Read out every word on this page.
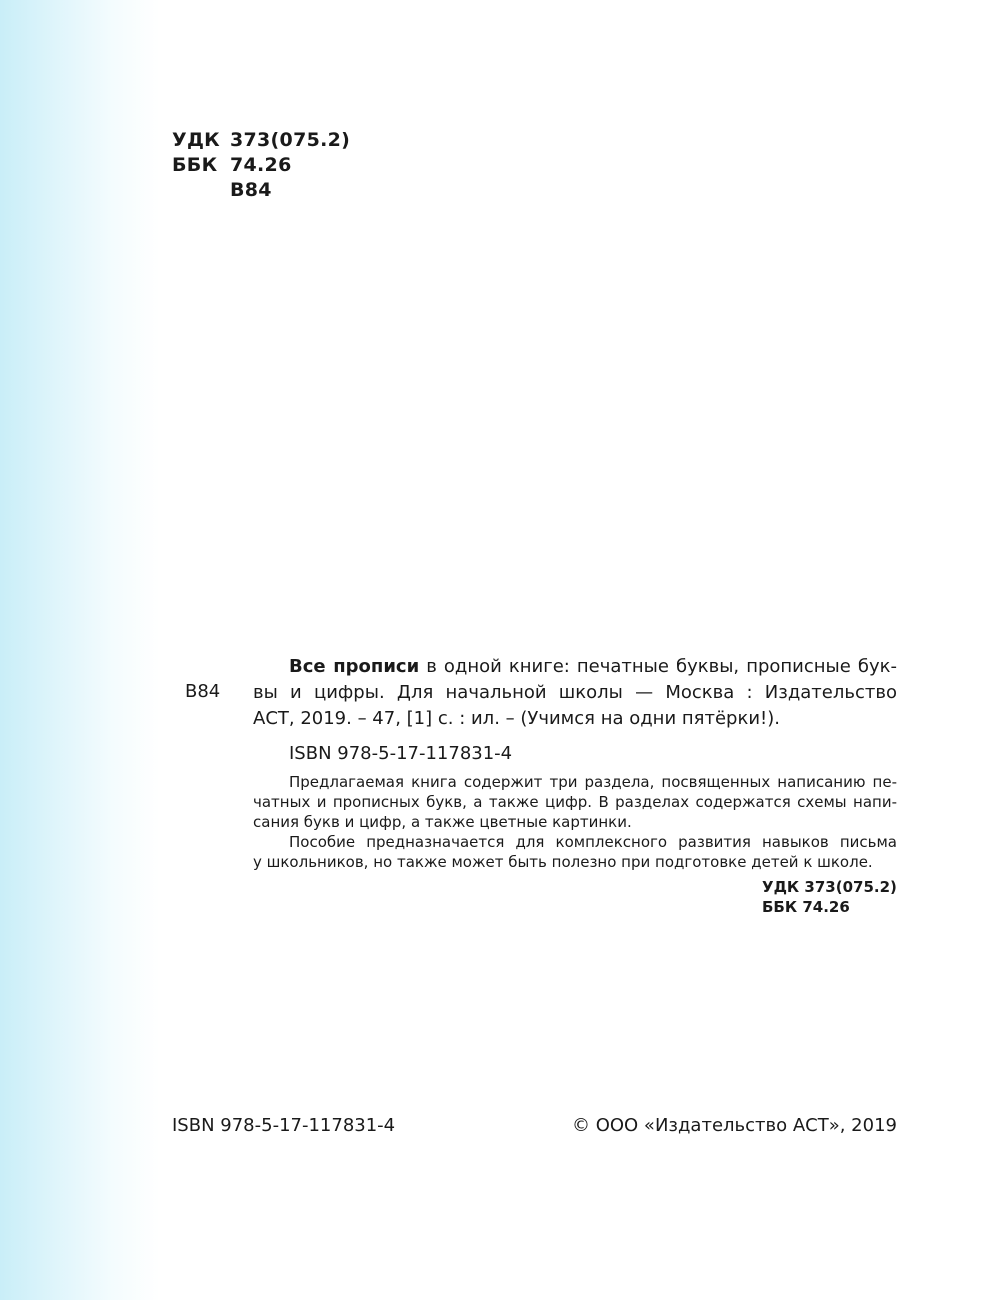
УДК 373(075.2)
ББК 74.26
В84
В84
Все прописи в одной книге: печатные буквы, прописные бук-
вы и цифры. Для начальной школы — Москва : Издательство
АСТ, 2019. – 47, [1] с. : ил. – (Учимся на одни пятёрки!).
ISBN 978-5-17-117831-4
Предлагаемая книга содержит три раздела, посвященных написанию пе-
чатных и прописных букв, а также цифр. В разделах содержатся схемы напи-
сания букв и цифр, а также цветные картинки.
Пособие предназначается для комплексного развития навыков письма
у школьников, но также может быть полезно при подготовке детей к школе.
УДК 373(075.2)
ББК 74.26
ISBN 978-5-17-117831-4	© ООО «Издательство АСТ», 2019
